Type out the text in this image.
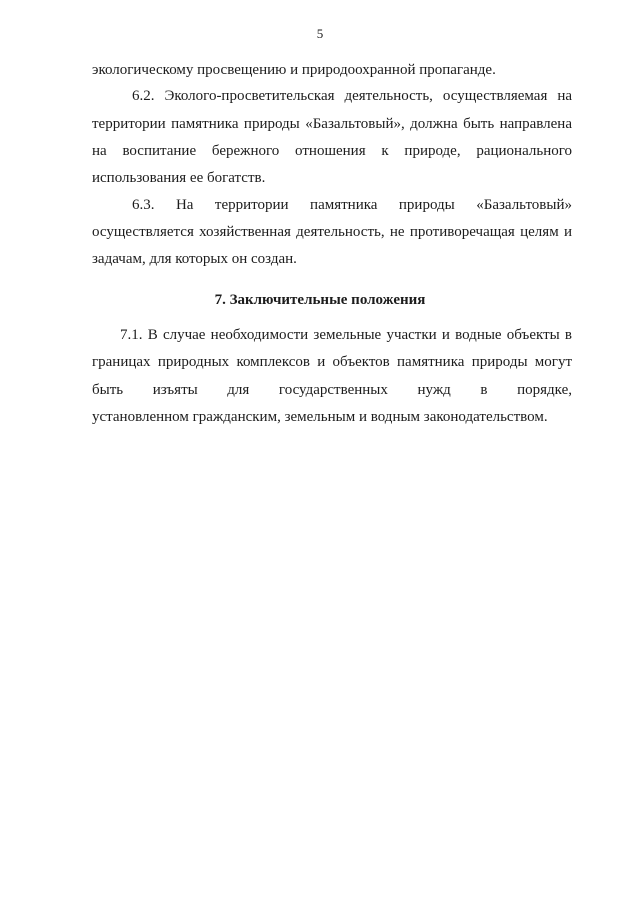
5
экологическому просвещению и природоохранной пропаганде.
6.2. Эколого-просветительская деятельность, осуществляемая на
территории памятника природы «Базальтовый», должна быть направлена
на воспитание бережного отношения к природе, рационального
использования ее богатств.
6.3. На территории памятника природы «Базальтовый»
осуществляется хозяйственная деятельность, не противоречащая целям и
задачам, для которых он создан.
7. Заключительные положения
7.1. В случае необходимости земельные участки и водные объекты в
границах природных комплексов и объектов памятника природы могут
быть изъяты для государственных нужд в порядке,
установленном гражданским, земельным и водным законодательством.
